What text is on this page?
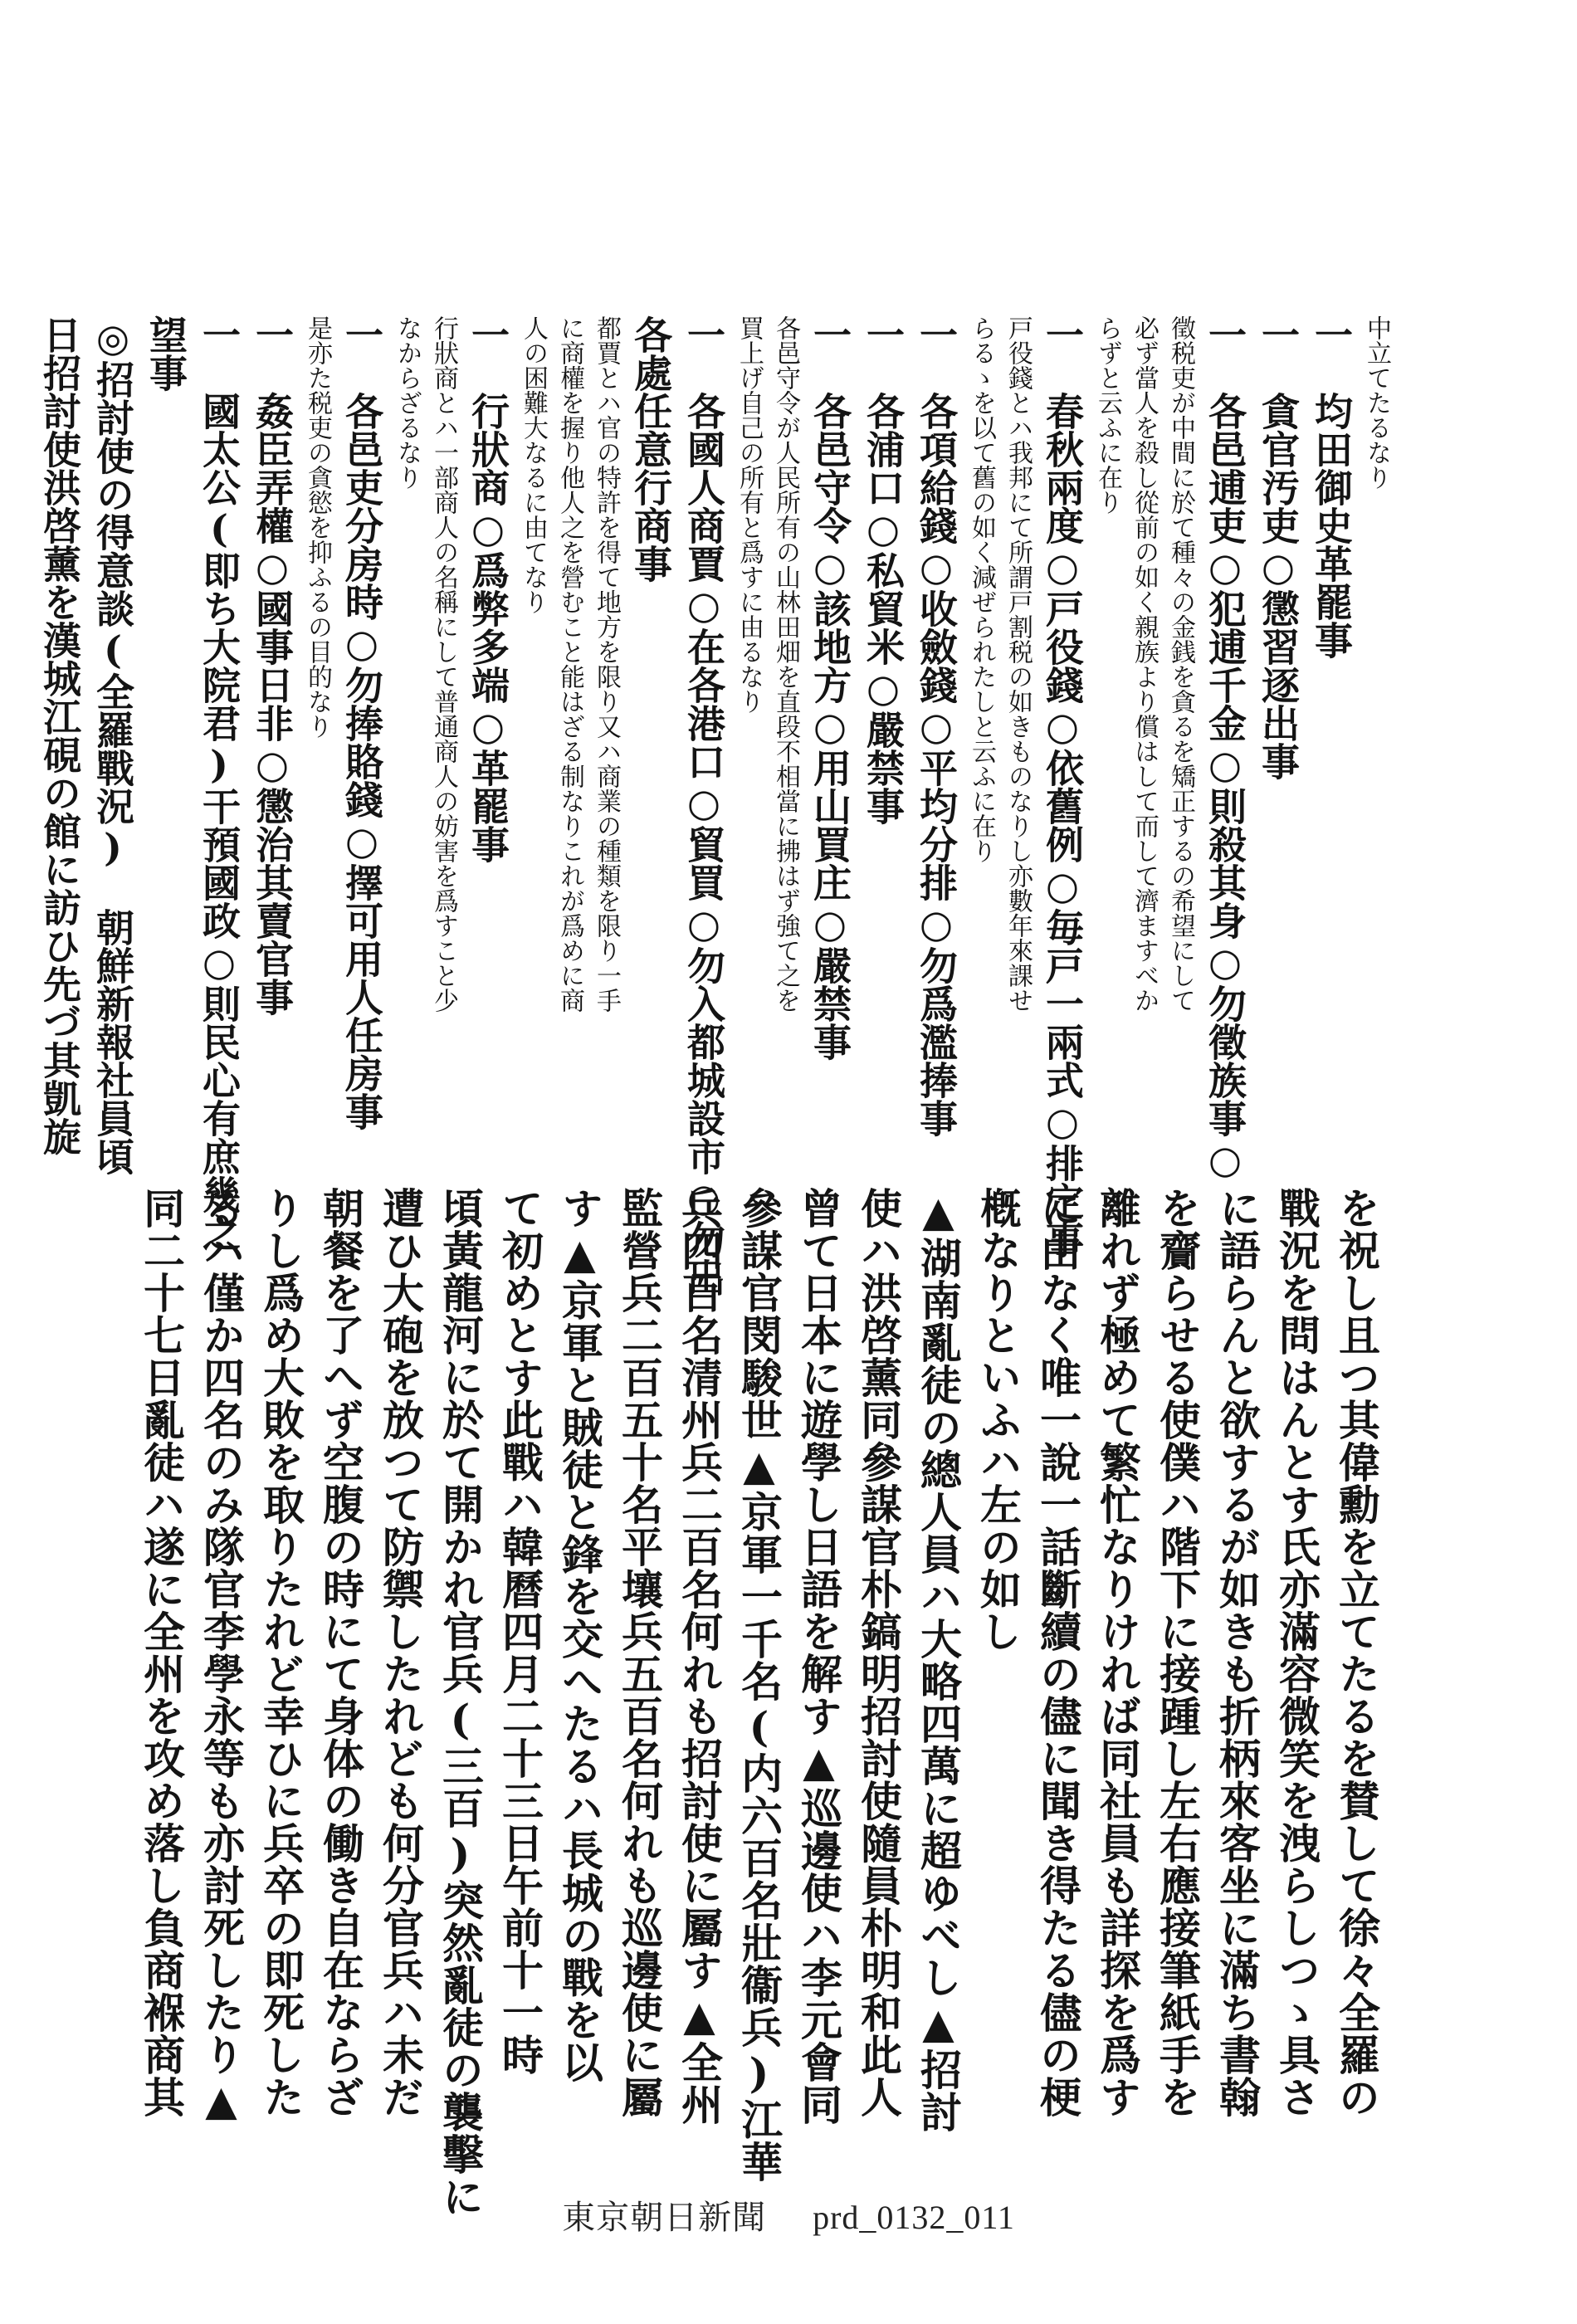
中立てたるなり
一　均田御史革罷事
一　貪官汚吏○懲習逐出事
一　各邑逋吏○犯逋千金○則殺其身○勿徵族事○
徵税吏が中間に於て種々の金銭を貪るを矯正するの希望にして
必ず當人を殺し從前の如く親族より償はして而して濟ますべか
らずと云ふに在り
一　春秋兩度○戸役錢○依舊例○毎戸一兩式○排定事
戸役錢とハ我邦にて所謂戸割税の如きものなりし亦數年來課せ
らるゝを以て舊の如く減ぜられたしと云ふに在り
一　各項給錢○收斂錢○平均分排○勿爲濫捧事
一　各浦口○私貿米○嚴禁事
一　各邑守令○該地方○用山買庄○嚴禁事
各邑守令が人民所有の山林田畑を直段不相當に拂はず強て之を
買上げ自己の所有と爲すに由るなり
一　各國人商賈○在各港口○貿買○勿入都城設市○勿出
各處任意行商事
都賈とハ官の特許を得て地方を限り又ハ商業の種類を限り一手
に商權を握り他人之を營むこと能はざる制なりこれが爲めに商
人の困難大なるに由てなり
一　行狀商○爲弊多端○革罷事
行狀商とハ一部商人の名稱にして普通商人の妨害を爲すこと少
なからざるなり
一　各邑吏分房時○勿捧賂錢○擇可用人任房事
是亦た税吏の貪慾を抑ふるの目的なり
一　姦臣弄權○國事日非○懲治其賣官事
一　國太公(即ち大院君)干預國政○則民心有庶幾之
望事
◎招討使の得意談(全羅戰況)　朝鮮新報社員頃
日招討使洪啓薰を漢城江硯の館に訪ひ先づ其凱旋
を祝し且つ其偉勳を立てたるを賛して徐々全羅の
戰況を問はんとす氏亦滿容微笑を洩らしつゝ具さ
に語らんと欲するが如きも折柄來客坐に滿ち書翰
を齎らせる使僕ハ階下に接踵し左右應接筆紙手を
離れず極めて繁忙なりければ同社員も詳探を爲す
に由なく唯一說一話斷續の儘に聞き得たる儘の梗
槪なりといふハ左の如し
▲湖南亂徒の總人員ハ大略四萬に超ゆべし▲招討
使ハ洪啓薰同參謀官朴鎬明招討使隨員朴明和此人
曾て日本に遊學し日語を解す▲巡邊使ハ李元會同
參謀官閔駿世▲京軍一千名(内六百名壯衞兵)江華
兵四百名清州兵二百名何れも招討使に屬す▲全州
監營兵二百五十名平壤兵五百名何れも巡邊使に屬
す▲京軍と賊徒と鋒を交へたるハ長城の戰を以
て初めとす此戰ハ韓曆四月二十三日午前十一時
頃黃龍河に於て開かれ官兵(三百)突然亂徒の襲擊に
遭ひ大砲を放つて防禦したれども何分官兵ハ未だ
朝餐を了へず空腹の時にて身体の働き自在ならざ
りし爲め大敗を取りたれど幸ひに兵卒の即死した
るハ僅か四名のみ隊官李學永等も亦討死したり▲
同二十七日亂徒ハ遂に全州を攻め落し負商褓商其
東京朝日新聞 prd_0132_011
